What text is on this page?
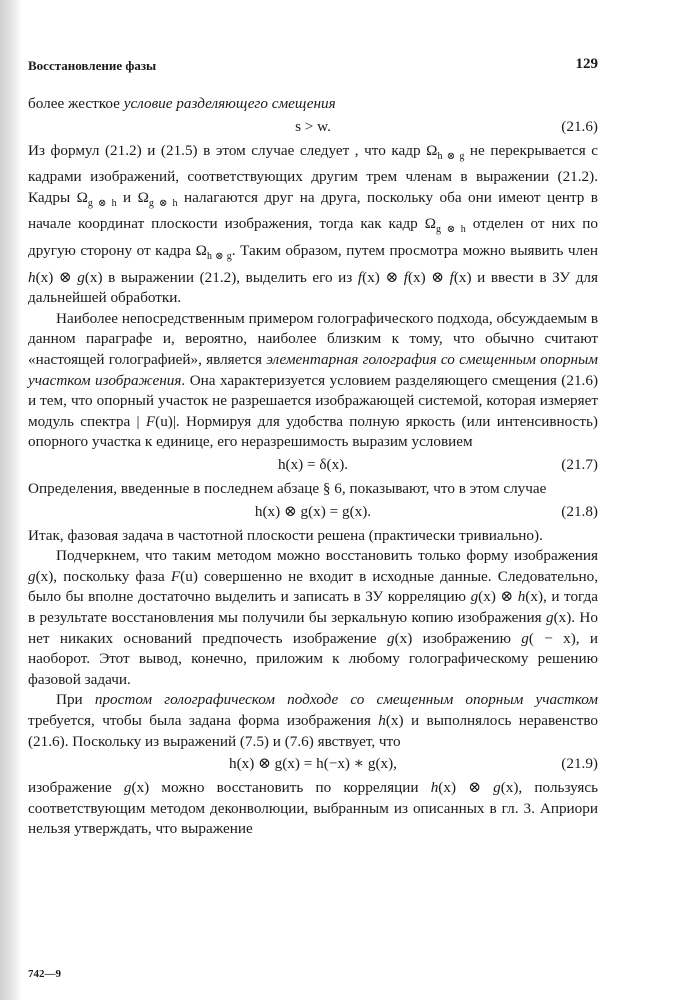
Восстановление фазы	129

более жесткое условие разделяющего смещения

s > w.	(21.6)

Из формул (21.2) и (21.5) в этом случае следует , что кадр $\Omega_{h \otimes g}$ не перекрывается с кадрами изображений, соответствующих другим трем членам в выражении (21.2). Кадры $\Omega_{g \otimes h}$ и $\Omega_{g \otimes h}$ налагаются друг на друга, поскольку оба они имеют центр в начале координат плоскости изображения, тогда как кадр $\Omega_{g \otimes h}$ отделен от них по другую сторону от кадра $\Omega_{h \otimes g}$. Таким образом, путем просмотра можно выявить член h(x) ⊗ g(x) в выражении (21.2), выделить его из f(x) ⊗ f(x) ⊗ f(x) и ввести в ЗУ для дальнейшей обработки.

Наиболее непосредственным примером голографического подхода, обсуждаемым в данном параграфе и, вероятно, наиболее близким к тому, что обычно считают «настоящей голографией», является элементарная голография со смещенным опорным участком изображения. Она характеризуется условием разделяющего смещения (21.6) и тем, что опорный участок не разрешается изображающей системой, которая измеряет модуль спектра | F(u)|. Нормируя для удобства полную яркость (или интенсивность) опорного участка к единице, его неразрешимость выразим условием

h(x) = δ(x).	(21.7)

Определения, введенные в последнем абзаце § 6, показывают, что в этом случае

h(x) ⊗ g(x) = g(x).	(21.8)

Итак, фазовая задача в частотной плоскости решена (практически тривиально).

Подчеркнем, что таким методом можно восстановить только форму изображения g(x), поскольку фаза F(u) совершенно не входит в исходные данные. Следовательно, было бы вполне достаточно выделить и записать в ЗУ корреляцию g(x) ⊗ h(x), и тогда в результате восстановления мы получили бы зеркальную копию изображения g(x). Но нет никаких оснований предпочесть изображение g(x) изображению g( − x), и наоборот. Этот вывод, конечно, приложим к любому голографическому решению фазовой задачи.

При простом голографическом подходе со смещенным опорным участком требуется, чтобы была задана форма изображения h(x) и выполнялось неравенство (21.6). Поскольку из выражений (7.5) и (7.6) явствует, что

h(x) ⊗ g(x) = h(−x) ∗ g(x),	(21.9)

изображение g(x) можно восстановить по корреляции h(x) ⊗ g(x), пользуясь соответствующим методом деконволюции, выбранным из описанных в гл. 3. Априори нельзя утверждать, что выражение

742—9
